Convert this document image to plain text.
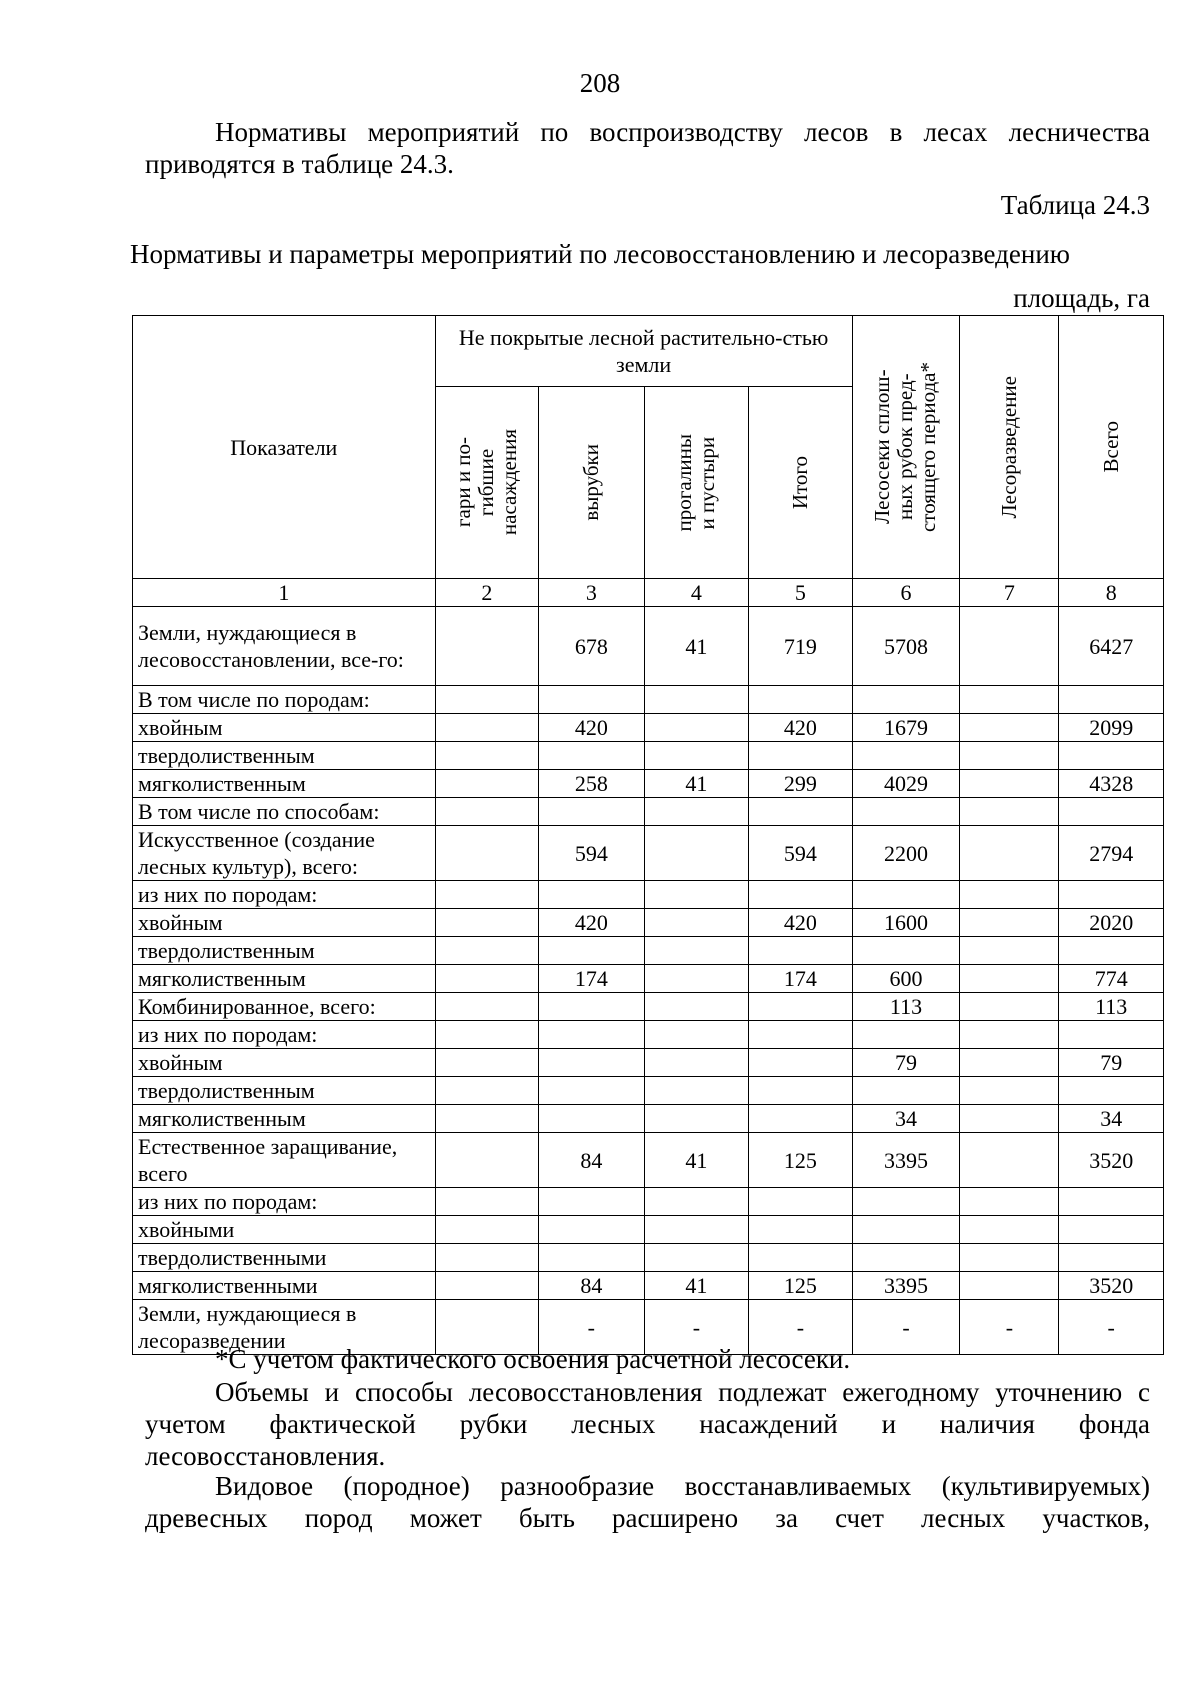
208

Нормативы мероприятий по воспроизводству лесов в лесах лесничества
приводятся в таблице 24.3.

Таблица 24.3
Нормативы и параметры мероприятий по лесовосстановлению и лесоразведению
площадь, га
Показатели	Не покрытые лесной растительно-стью земли				Лесосеки сплош-
ных рубок пред-
стоящего периода*	Лесоразведение	Всего

	гари и по-
гибшие
насаждения	вырубки	прогалины
и пустыри	Итого			

1	2	3	4	5	6	7	8
Земли, нуждающиеся в лесовосстановлении, все-го:		678	41	719	5708		6427
В том числе по породам:							
хвойным		420		420	1679		2099
твердолиственным							
мягколиственным		258	41	299	4029		4328
В том числе по способам:							
Искусственное (создание лесных культур), всего:		594		594	2200		2794
из них по породам:							
хвойным		420		420	1600		2020
твердолиственным							
мягколиственным		174		174	600		774
Комбинированное, всего:					113		113
из них по породам:							
хвойным					79		79
твердолиственным							
мягколиственным					34		34
Естественное заращивание, всего		84	41	125	3395		3520
из них по породам:							
хвойными							
твердолиственными							
мягколиственными		84	41	125	3395		3520
Земли, нуждающиеся в лесоразведении		-	-	-	-	-	-
*С учетом фактического освоения расчетной лесосеки.

Объемы и способы лесовосстановления подлежат ежегодному уточнению с
учетом фактической рубки лесных насаждений и наличия фонда
лесовосстановления.

Видовое (породное) разнообразие восстанавливаемых (культивируемых)
древесных пород может быть расширено за счет лесных участков,
